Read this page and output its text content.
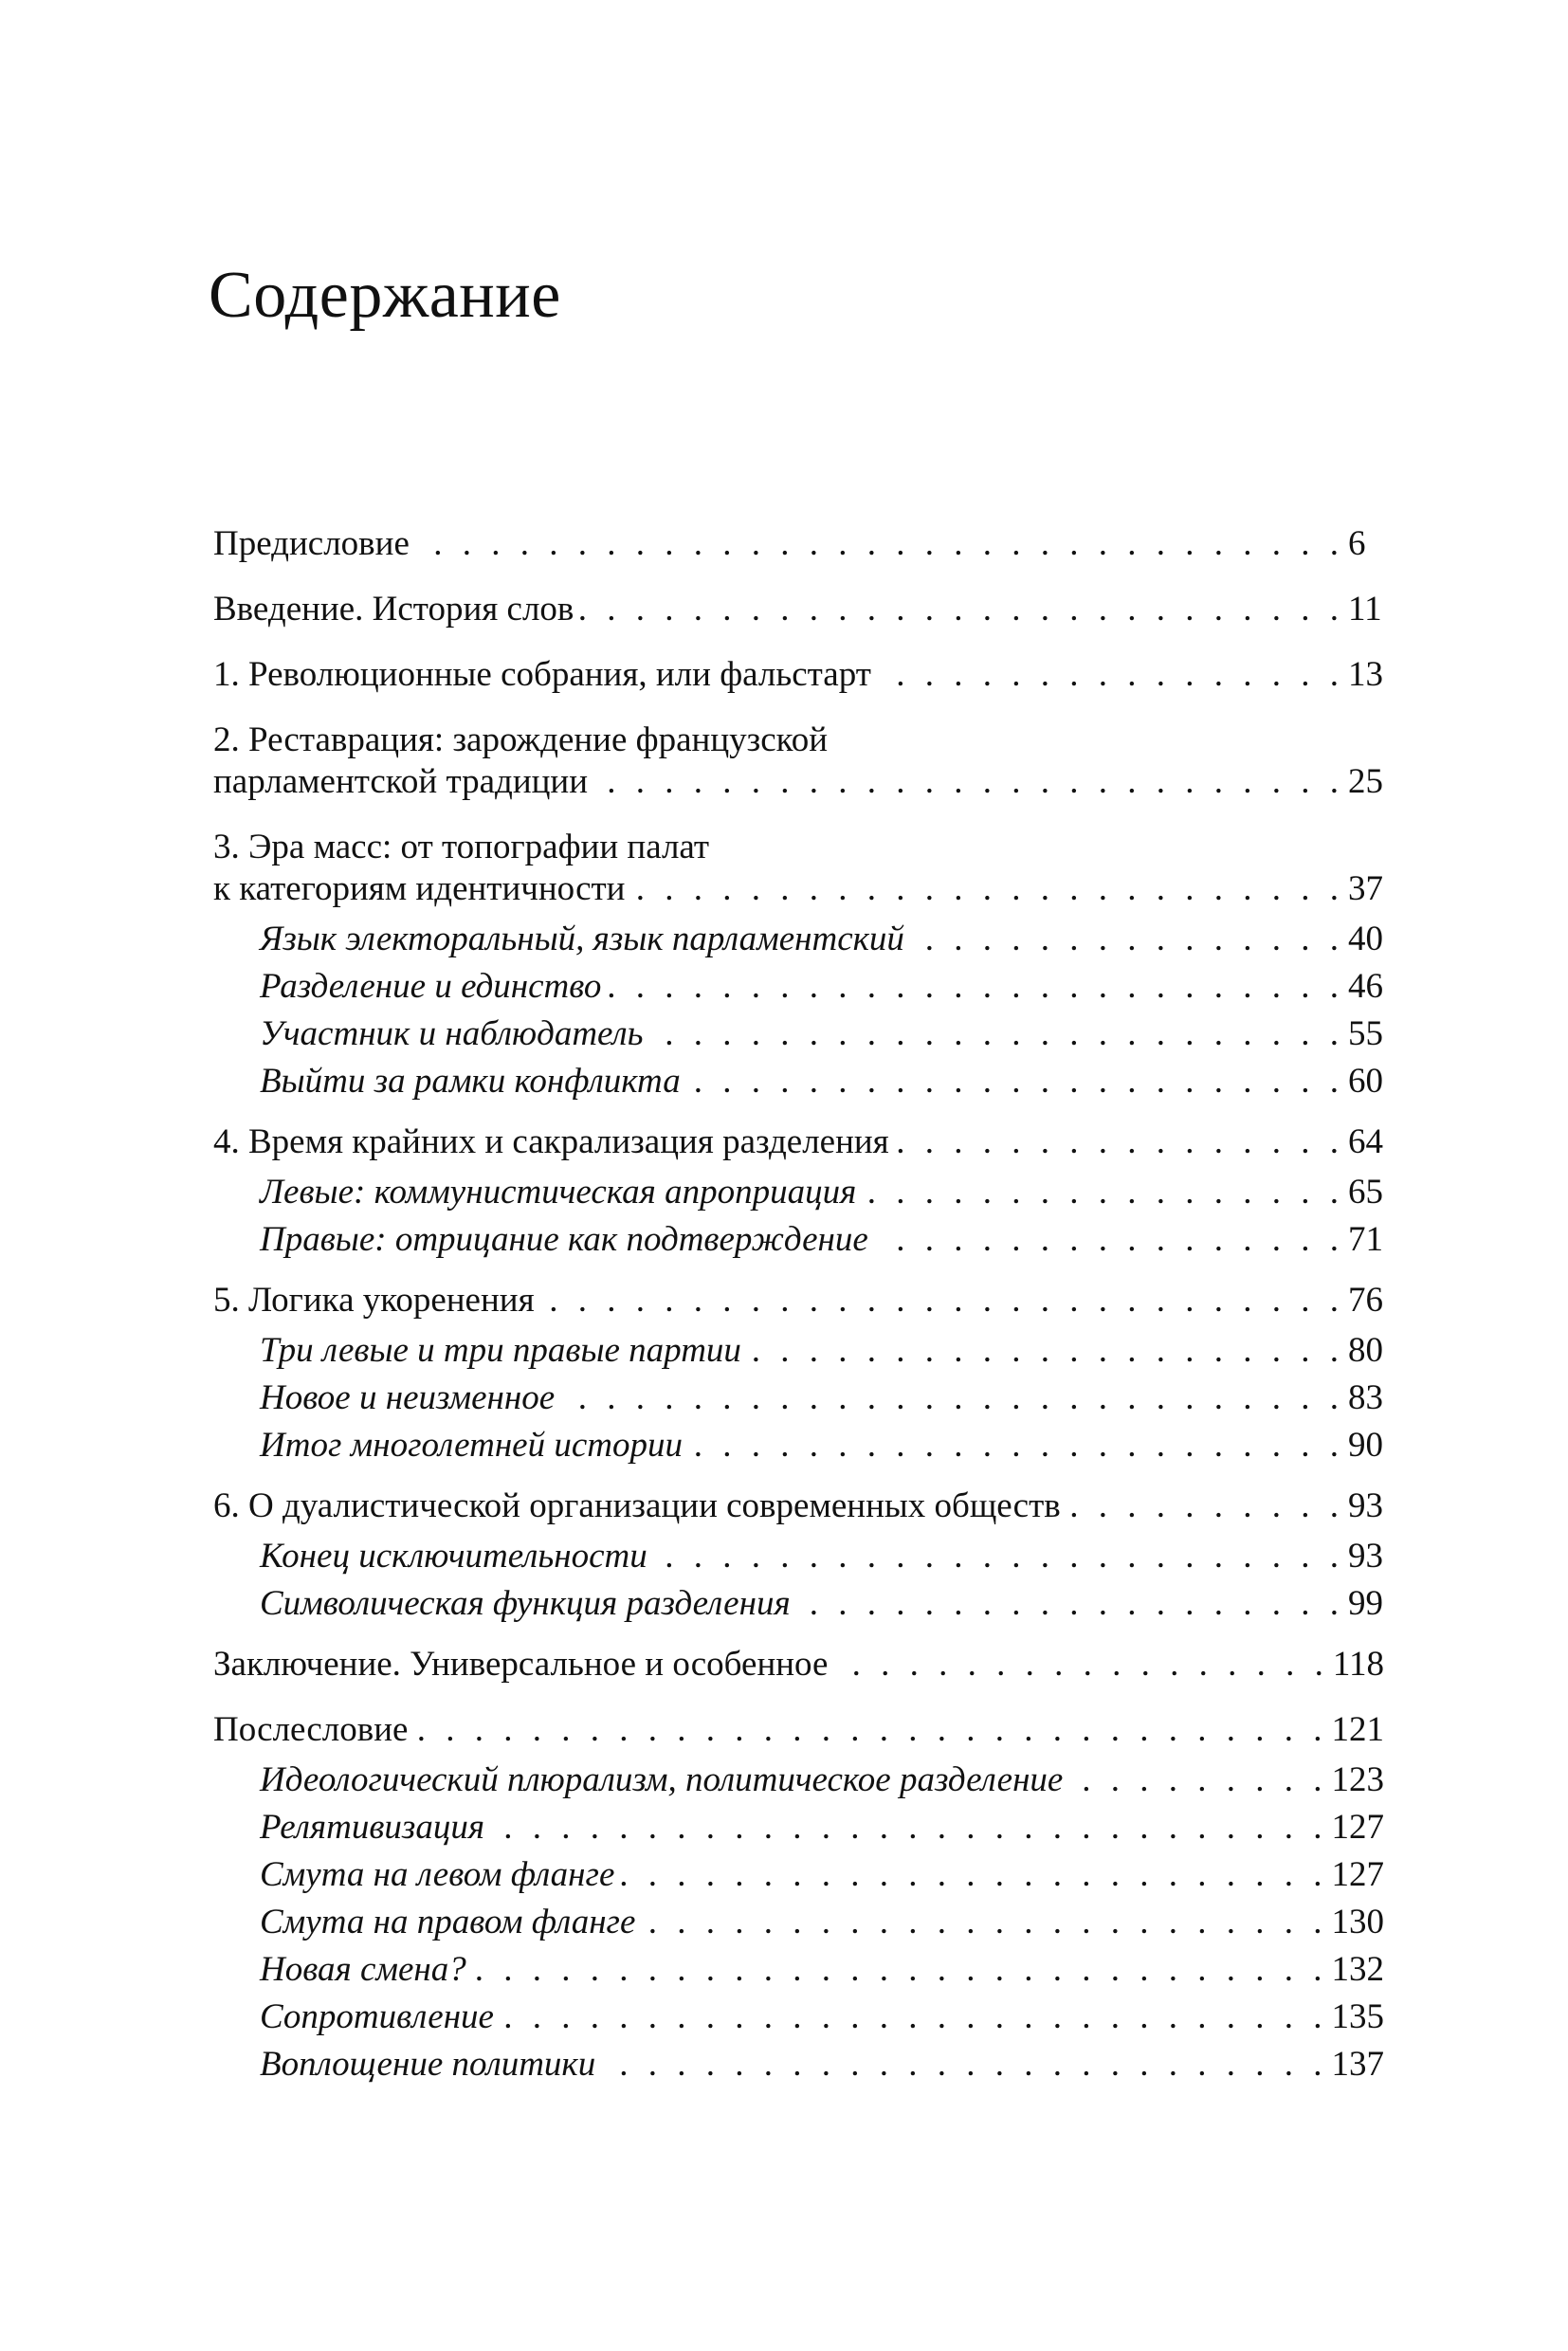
Содержание
Предисловие . . .	6
Введение. История слов . . .	11
1. Революционные собрания, или фальстарт . . .	13
2. Реставрация: зарождение французской
парламентской традиции . . .	25
3. Эра масс: от топографии палат
к категориям идентичности . . .	37
Язык электоральный, язык парламентский . . .	40
Разделение и единство . . .	46
Участник и наблюдатель . . .	55
Выйти за рамки конфликта . . .	60
4. Время крайних и сакрализация разделения . . .	64
Левые: коммунистическая апроприация . . .	65
Правые: отрицание как подтверждение . . .	71
5. Логика укоренения . . .	76
Три левые и три правые партии . . .	80
Новое и неизменное . . .	83
Итог многолетней истории . . .	90
6. О дуалистической организации современных обществ . . .	93
Конец исключительности . . .	93
Символическая функция разделения . . .	99
Заключение. Универсальное и особенное . . .	118
Послесловие . . .	121
Идеологический плюрализм, политическое разделение . . .	123
Релятивизация . . .	127
Смута на левом фланге . . .	127
Смута на правом фланге . . .	130
Новая смена? . . .	132
Сопротивление . . .	135
Воплощение политики . . .	137
